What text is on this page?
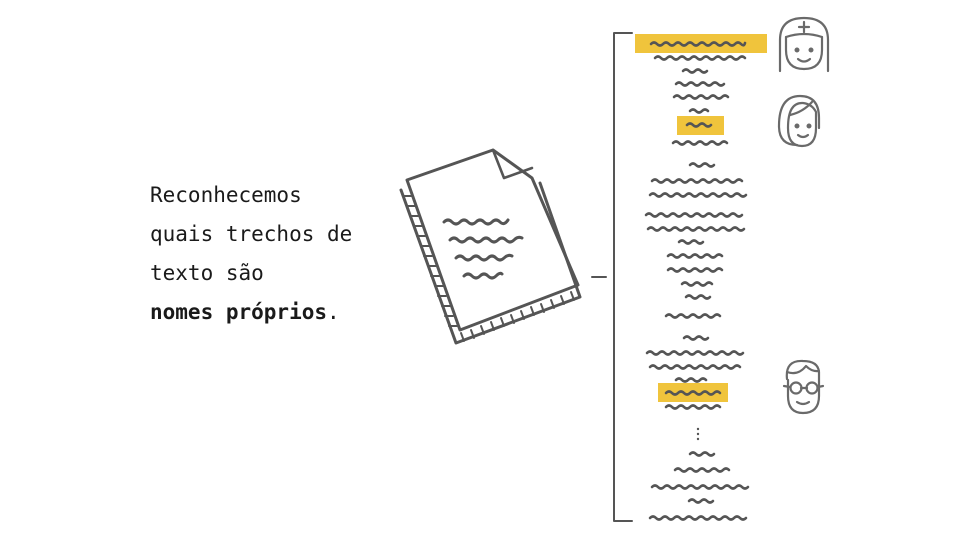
Reconhecemos
quais trechos de
texto são
nomes próprios.
